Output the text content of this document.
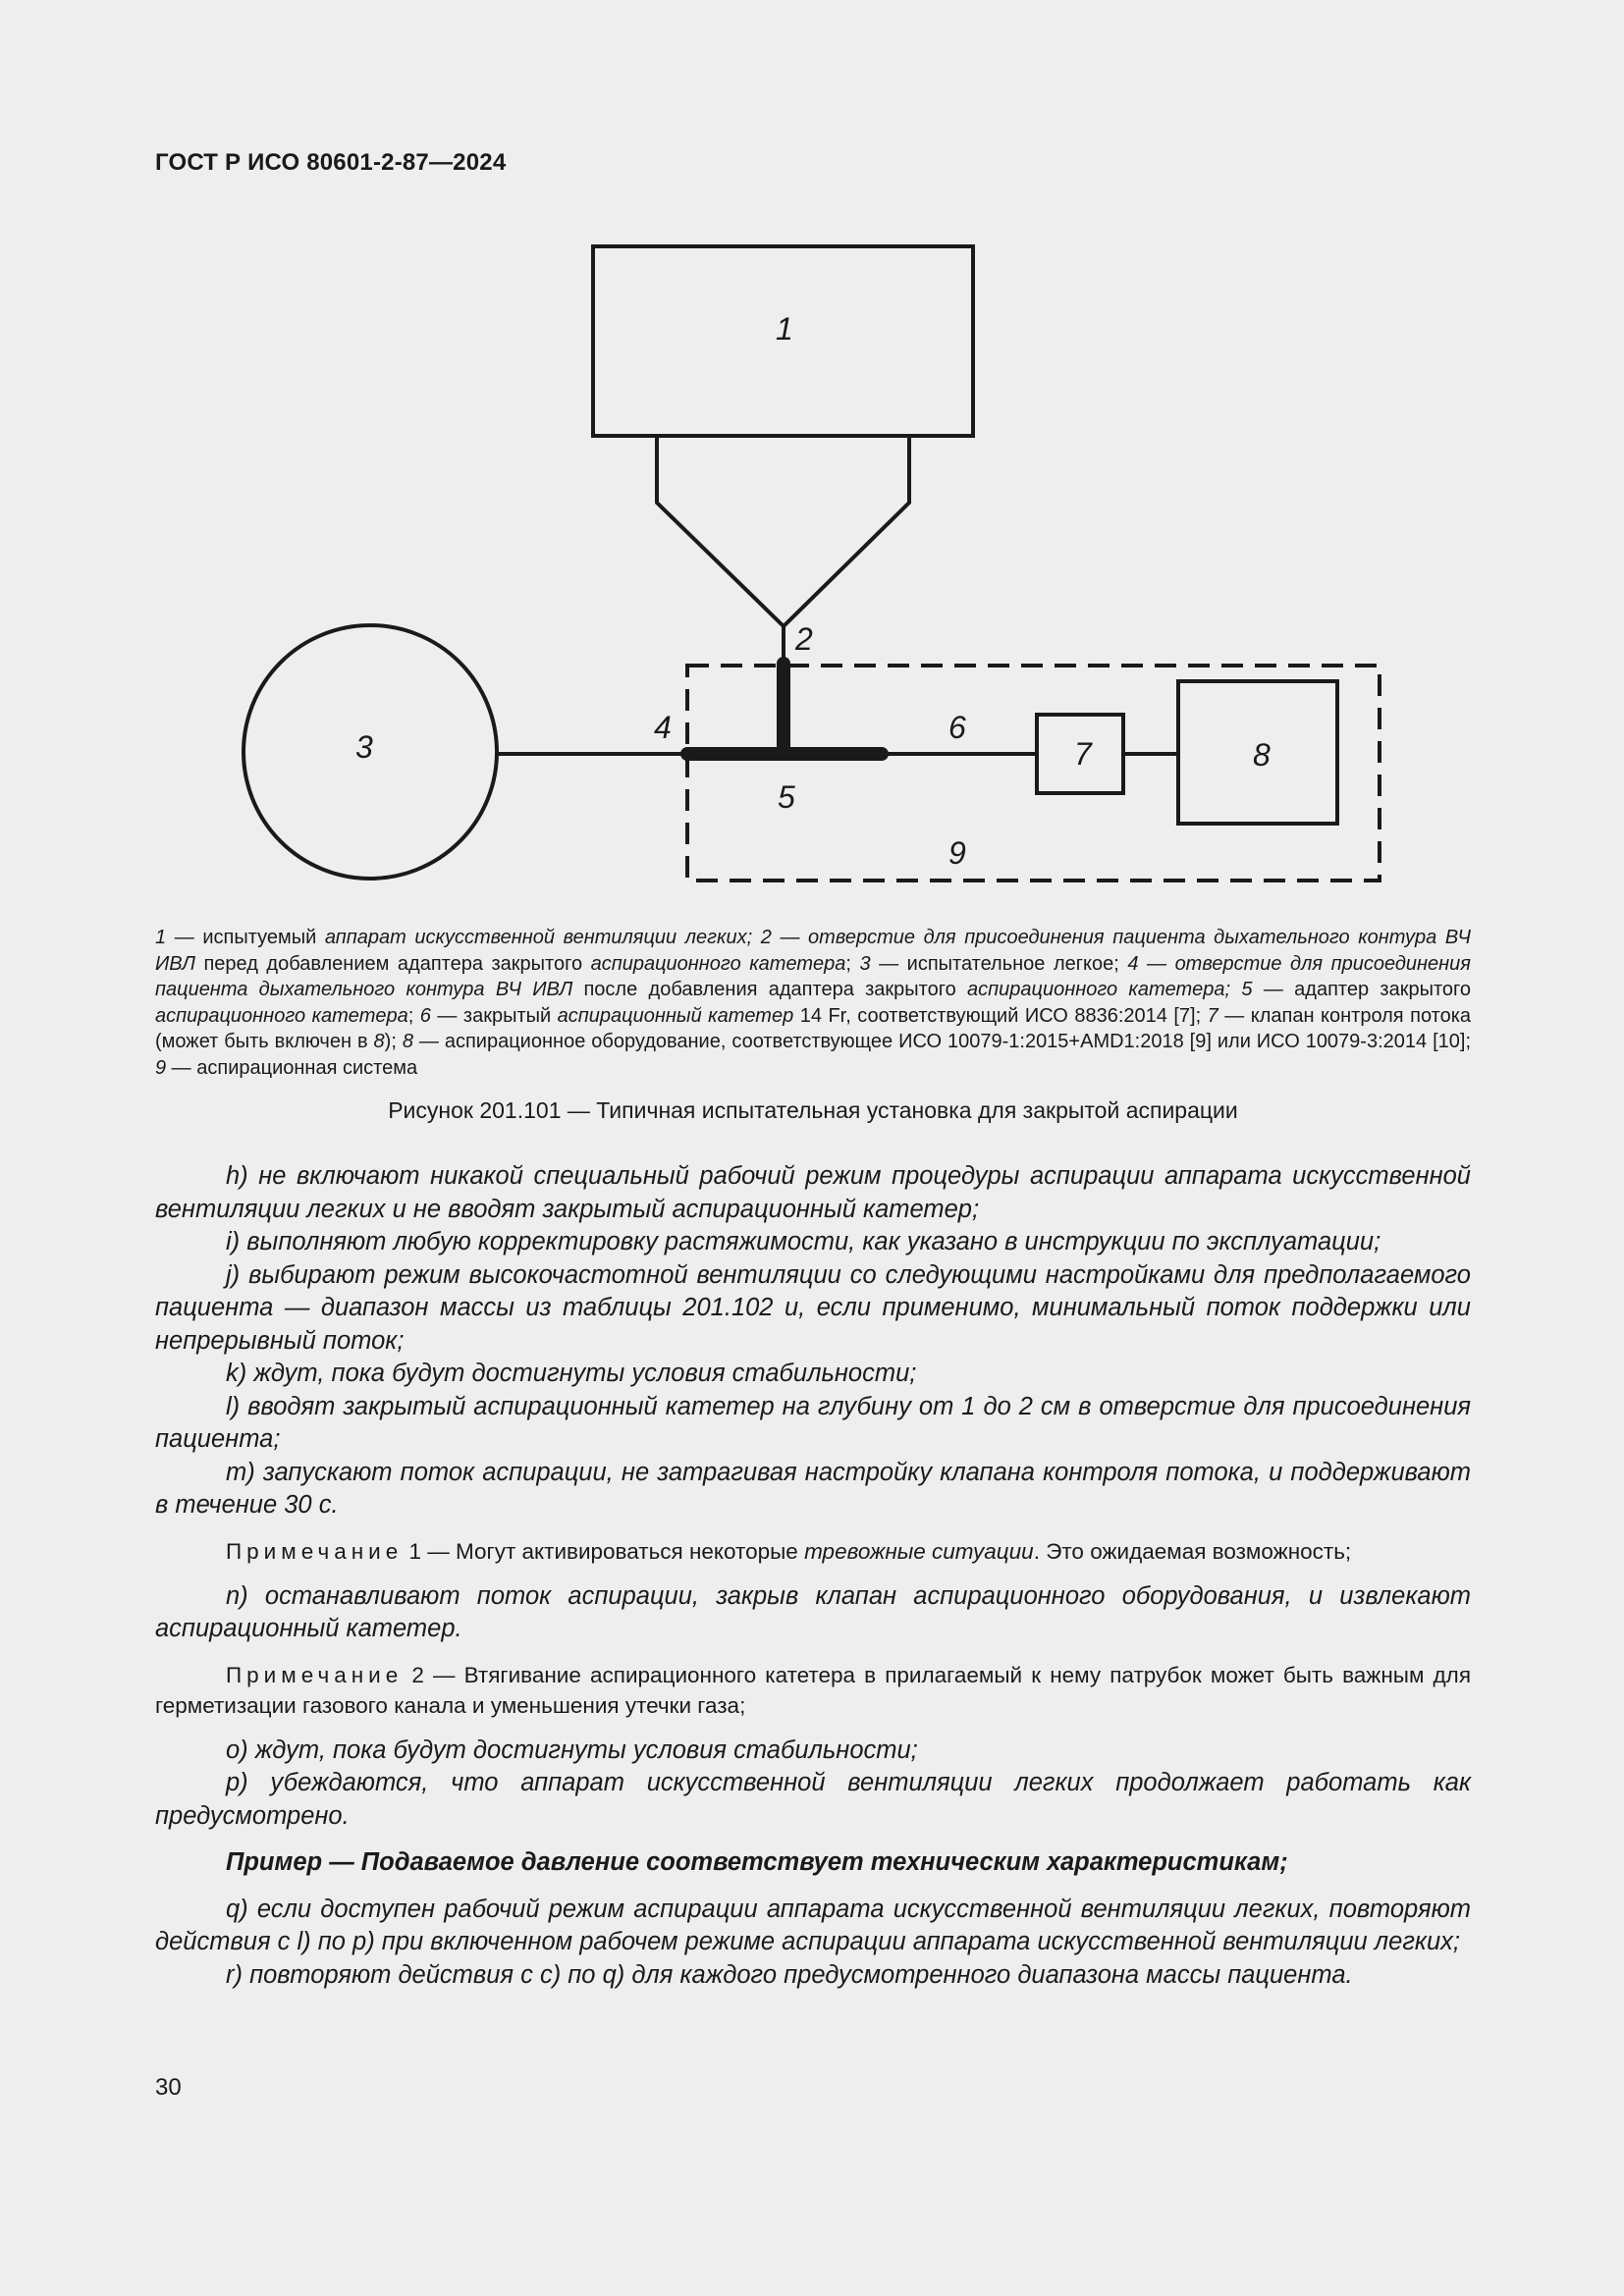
ГОСТ Р ИСО 80601-2-87—2024
1
2
3
4
5
6
7	8
9
1 — испытуемый аппарат искусственной вентиляции легких; 2 — отверстие для присоединения пациента дыхательного контура ВЧ ИВЛ перед добавлением адаптера закрытого аспирационного катетера; 3 — испытательное легкое; 4 — отверстие для присоединения пациента дыхательного контура ВЧ ИВЛ после добавления адаптера закрытого аспирационного катетера; 5 — адаптер закрытого аспирационного катетера; 6 — закрытый аспирационный катетер 14 Fr, соответствующий ИСО 8836:2014 [7]; 7 — клапан контроля потока (может быть включен в 8); 8 — аспирационное оборудование, соответствующее ИСО 10079-1:2015+AMD1:2018 [9] или ИСО 10079-3:2014 [10]; 9 — аспирационная система
Рисунок 201.101 — Типичная испытательная установка для закрытой аспирации

h) не включают никакой специальный рабочий режим процедуры аспирации аппарата искусственной вентиляции легких и не вводят закрытый аспирационный катетер;

i) выполняют любую корректировку растяжимости, как указано в инструкции по эксплуатации;

j) выбирают режим высокочастотной вентиляции со следующими настройками для предполагаемого пациента — диапазон массы из таблицы 201.102 и, если применимо, минимальный поток поддержки или непрерывный поток;

k) ждут, пока будут достигнуты условия стабильности;

l) вводят закрытый аспирационный катетер на глубину от 1 до 2 см в отверстие для присоединения пациента;

m) запускают поток аспирации, не затрагивая настройку клапана контроля потока, и поддерживают в течение 30 с.

Примечание 1 — Могут активироваться некоторые тревожные ситуации. Это ожидаемая возможность;

n) останавливают поток аспирации, закрыв клапан аспирационного оборудования, и извлекают аспирационный катетер.

Примечание 2 — Втягивание аспирационного катетера в прилагаемый к нему патрубок может быть важным для герметизации газового канала и уменьшения утечки газа;

o) ждут, пока будут достигнуты условия стабильности;

p) убеждаются, что аппарат искусственной вентиляции легких продолжает работать как предусмотрено.

Пример — Подаваемое давление соответствует техническим характеристикам;

q) если доступен рабочий режим аспирации аппарата искусственной вентиляции легких, повторяют действия с l) по p) при включенном рабочем режиме аспирации аппарата искусственной вентиляции легких;

r) повторяют действия с с) по q) для каждого предусмотренного диапазона массы пациента.

30
